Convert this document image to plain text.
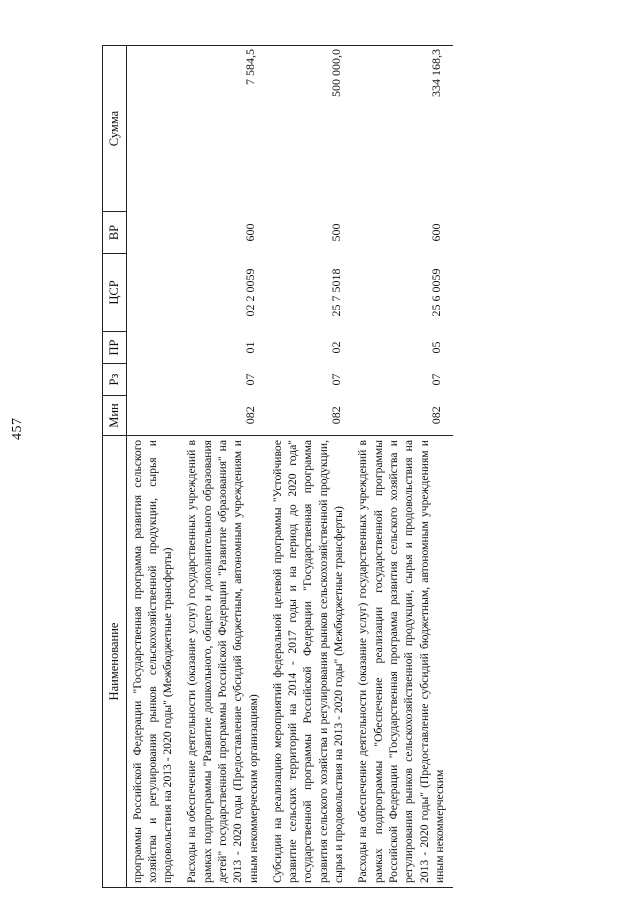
457
Наименование	Мин	Рз	ПР	ЦСР	ВР	Сумма
программы Российской Федерации "Государственная программа развития сельского хозяйства и регулирования рынков сельскохозяйственной продукции, сырья и продовольствия на 2013 - 2020 годы" (Межбюджетные трансферты)						
Расходы на обеспечение деятельности (оказание услуг) государственных учреждений в рамках подпрограммы "Развитие дошкольного, общего и дополнительного образования детей" государственной программы Российской Федерации "Развитие образования" на 2013 - 2020 годы (Предоставление субсидий бюджетным, автономным учреждениям и иным некоммерческим организациям)	082	07	01	02 2 0059	600	7 584,5
Субсидии на реализацию мероприятий федеральной целевой программы "Устойчивое развитие сельских территорий на 2014 - 2017 годы и на период до 2020 года" государственной программы Российской Федерации "Государственная программа развития сельского хозяйства и регулирования рынков сельскохозяйственной продукции, сырья и продовольствия на 2013 - 2020 годы" (Межбюджетные трансферты)	082	07	02	25 7 5018	500	500 000,0
Расходы на обеспечение деятельности (оказание услуг) государственных учреждений в рамках подпрограммы "Обеспечение реализации государственной программы Российской Федерации "Государственная программа развития сельского хозяйства и регулирования рынков сельскохозяйственной продукции, сырья и продовольствия на 2013 - 2020 годы" (Предоставление субсидий бюджетным, автономным учреждениям и иным некоммерческим	082	07	05	25 6 0059	600	334 168,3
